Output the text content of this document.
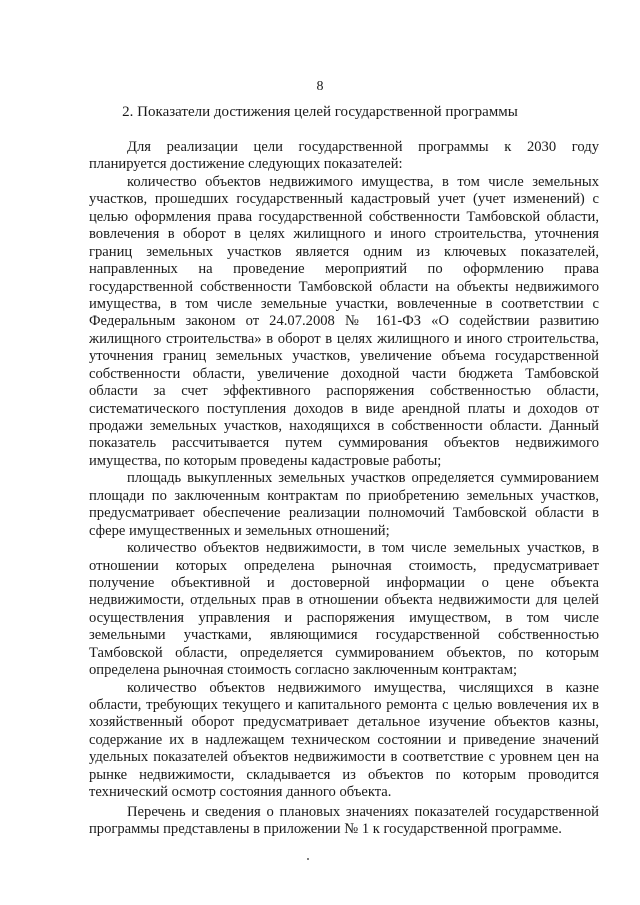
8
2. Показатели достижения целей государственной программы
Для реализации цели государственной программы к 2030 году
планируется достижение следующих показателей:
количество объектов недвижимого имущества, в том числе земельных
участков, прошедших государственный кадастровый учет (учет изменений) с
целью оформления права государственной собственности Тамбовской области,
вовлечения в оборот в целях жилищного и иного строительства, уточнения
границ земельных участков является одним из ключевых показателей,
направленных на проведение мероприятий по оформлению права
государственной собственности Тамбовской области на объекты недвижимого
имущества, в том числе земельные участки, вовлеченные в соответствии с
Федеральным законом от 24.07.2008 № 161-ФЗ «О содействии развитию
жилищного строительства» в оборот в целях жилищного и иного строительства,
уточнения границ земельных участков, увеличение объема государственной
собственности области, увеличение доходной части бюджета Тамбовской
области за счет эффективного распоряжения собственностью области,
систематического поступления доходов в виде арендной платы и доходов от
продажи земельных участков, находящихся в собственности области. Данный
показатель рассчитывается путем суммирования объектов недвижимого
имущества, по которым проведены кадастровые работы;
площадь выкупленных земельных участков определяется суммированием
площади по заключенным контрактам по приобретению земельных участков,
предусматривает обеспечение реализации полномочий Тамбовской области в
сфере имущественных и земельных отношений;
количество объектов недвижимости, в том числе земельных участков, в
отношении которых определена рыночная стоимость, предусматривает
получение объективной и достоверной информации о цене объекта
недвижимости, отдельных прав в отношении объекта недвижимости для целей
осуществления управления и распоряжения имуществом, в том числе
земельными участками, являющимися государственной собственностью
Тамбовской области, определяется суммированием объектов, по которым
определена рыночная стоимость согласно заключенным контрактам;
количество объектов недвижимого имущества, числящихся в казне
области, требующих текущего и капитального ремонта с целью вовлечения их в
хозяйственный оборот предусматривает детальное изучение объектов казны,
содержание их в надлежащем техническом состоянии и приведение значений
удельных показателей объектов недвижимости в соответствие с уровнем цен на
рынке недвижимости, складывается из объектов по которым проводится
технический осмотр состояния данного объекта.
Перечень и сведения о плановых значениях показателей государственной
программы представлены в приложении № 1 к государственной программе.
